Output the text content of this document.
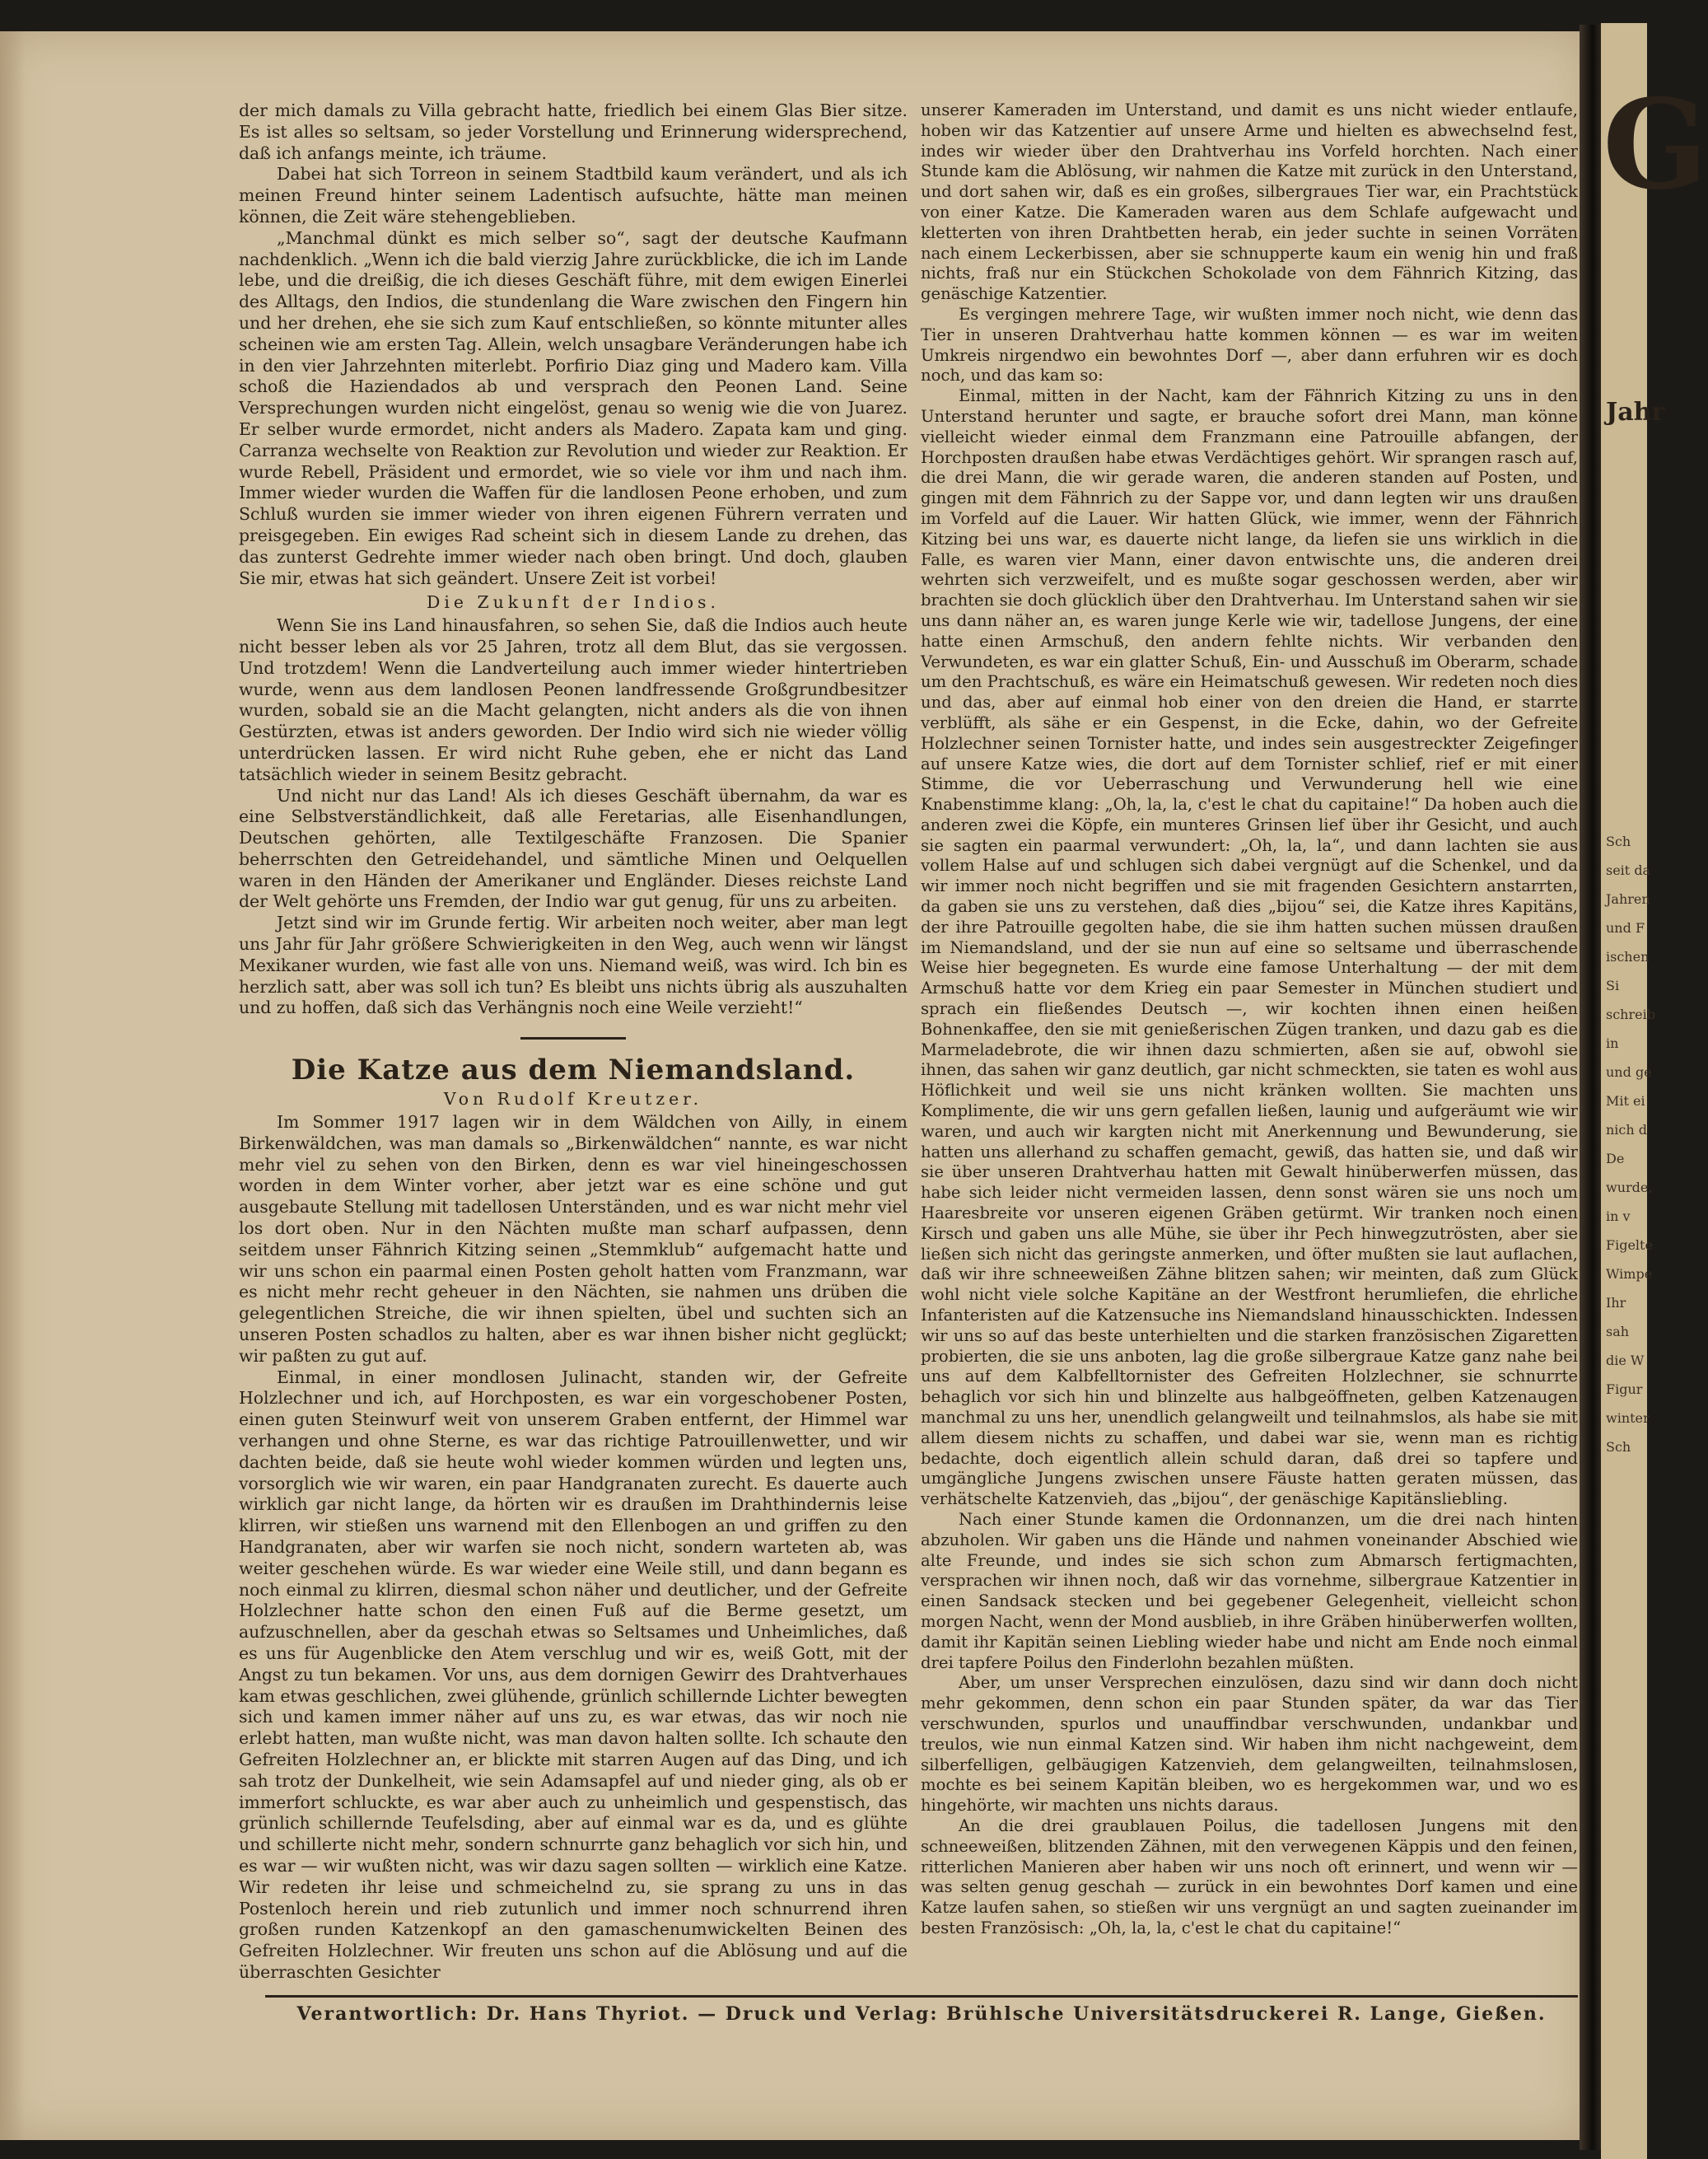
G
Jahr
Sch
seit da
Jahren
und F
ischen
Si
schreib
in
und ge
Mit ei
nich d
De
wurde,
in v
Figelte
Wimpe
Ihr
sah
die W
Figur
winter
Sch

der mich damals zu Villa gebracht hatte, friedlich bei einem Glas Bier sitze. Es ist alles so seltsam, so jeder Vorstellung und Erinnerung widersprechend, daß ich anfangs meinte, ich träume.

Dabei hat sich Torreon in seinem Stadtbild kaum verändert, und als ich meinen Freund hinter seinem Ladentisch aufsuchte, hätte man meinen können, die Zeit wäre stehengeblieben.

„Manchmal dünkt es mich selber so“, sagt der deutsche Kaufmann nachdenklich. „Wenn ich die bald vierzig Jahre zurückblicke, die ich im Lande lebe, und die dreißig, die ich dieses Geschäft führe, mit dem ewigen Einerlei des Alltags, den Indios, die stundenlang die Ware zwischen den Fingern hin und her drehen, ehe sie sich zum Kauf entschließen, so könnte mitunter alles scheinen wie am ersten Tag. Allein, welch unsagbare Veränderungen habe ich in den vier Jahrzehnten miterlebt. Porfirio Diaz ging und Madero kam. Villa schoß die Haziendados ab und versprach den Peonen Land. Seine Versprechungen wurden nicht eingelöst, genau so wenig wie die von Juarez. Er selber wurde ermordet, nicht anders als Madero. Zapata kam und ging. Carranza wechselte von Reaktion zur Revolution und wieder zur Reaktion. Er wurde Rebell, Präsident und ermordet, wie so viele vor ihm und nach ihm. Immer wieder wurden die Waffen für die landlosen Peone erhoben, und zum Schluß wurden sie immer wieder von ihren eigenen Führern verraten und preisgegeben. Ein ewiges Rad scheint sich in diesem Lande zu drehen, das das zunterst Gedrehte immer wieder nach oben bringt. Und doch, glauben Sie mir, etwas hat sich geändert. Unsere Zeit ist vorbei!

Die Zukunft der Indios.

Wenn Sie ins Land hinausfahren, so sehen Sie, daß die Indios auch heute nicht besser leben als vor 25 Jahren, trotz all dem Blut, das sie vergossen. Und trotzdem! Wenn die Landverteilung auch immer wieder hintertrieben wurde, wenn aus dem landlosen Peonen landfressende Großgrundbesitzer wurden, sobald sie an die Macht gelangten, nicht anders als die von ihnen Gestürzten, etwas ist anders geworden. Der Indio wird sich nie wieder völlig unterdrücken lassen. Er wird nicht Ruhe geben, ehe er nicht das Land tatsächlich wieder in seinem Besitz gebracht.

Und nicht nur das Land! Als ich dieses Geschäft übernahm, da war es eine Selbstverständlichkeit, daß alle Feretarias, alle Eisenhandlungen, Deutschen gehörten, alle Textilgeschäfte Franzosen. Die Spanier beherrschten den Getreidehandel, und sämtliche Minen und Oelquellen waren in den Händen der Amerikaner und Engländer. Dieses reichste Land der Welt gehörte uns Fremden, der Indio war gut genug, für uns zu arbeiten.

Jetzt sind wir im Grunde fertig. Wir arbeiten noch weiter, aber man legt uns Jahr für Jahr größere Schwierigkeiten in den Weg, auch wenn wir längst Mexikaner wurden, wie fast alle von uns. Niemand weiß, was wird. Ich bin es herzlich satt, aber was soll ich tun? Es bleibt uns nichts übrig als auszuhalten und zu hoffen, daß sich das Verhängnis noch eine Weile verzieht!“

Die Katze aus dem Niemandsland.
Von Rudolf Kreutzer.

Im Sommer 1917 lagen wir in dem Wäldchen von Ailly, in einem Birkenwäldchen, was man damals so „Birkenwäldchen“ nannte, es war nicht mehr viel zu sehen von den Birken, denn es war viel hineingeschossen worden in dem Winter vorher, aber jetzt war es eine schöne und gut ausgebaute Stellung mit tadellosen Unterständen, und es war nicht mehr viel los dort oben. Nur in den Nächten mußte man scharf aufpassen, denn seitdem unser Fähnrich Kitzing seinen „Stemmklub“ aufgemacht hatte und wir uns schon ein paarmal einen Posten geholt hatten vom Franzmann, war es nicht mehr recht geheuer in den Nächten, sie nahmen uns drüben die gelegentlichen Streiche, die wir ihnen spielten, übel und suchten sich an unseren Posten schadlos zu halten, aber es war ihnen bisher nicht geglückt; wir paßten zu gut auf.

Einmal, in einer mondlosen Julinacht, standen wir, der Gefreite Holzlechner und ich, auf Horchposten, es war ein vorgeschobener Posten, einen guten Steinwurf weit von unserem Graben entfernt, der Himmel war verhangen und ohne Sterne, es war das richtige Patrouillenwetter, und wir dachten beide, daß sie heute wohl wieder kommen würden und legten uns, vorsorglich wie wir waren, ein paar Handgranaten zurecht. Es dauerte auch wirklich gar nicht lange, da hörten wir es draußen im Drahthindernis leise klirren, wir stießen uns warnend mit den Ellenbogen an und griffen zu den Handgranaten, aber wir warfen sie noch nicht, sondern warteten ab, was weiter geschehen würde. Es war wieder eine Weile still, und dann begann es noch einmal zu klirren, diesmal schon näher und deutlicher, und der Gefreite Holzlechner hatte schon den einen Fuß auf die Berme gesetzt, um aufzuschnellen, aber da geschah etwas so Seltsames und Unheimliches, daß es uns für Augenblicke den Atem verschlug und wir es, weiß Gott, mit der Angst zu tun bekamen. Vor uns, aus dem dornigen Gewirr des Drahtverhaues kam etwas geschlichen, zwei glühende, grünlich schillernde Lichter bewegten sich und kamen immer näher auf uns zu, es war etwas, das wir noch nie erlebt hatten, man wußte nicht, was man davon halten sollte. Ich schaute den Gefreiten Holzlechner an, er blickte mit starren Augen auf das Ding, und ich sah trotz der Dunkelheit, wie sein Adamsapfel auf und nieder ging, als ob er immerfort schluckte, es war aber auch zu unheimlich und gespenstisch, das grünlich schillernde Teufelsding, aber auf einmal war es da, und es glühte und schillerte nicht mehr, sondern schnurrte ganz behaglich vor sich hin, und es war — wir wußten nicht, was wir dazu sagen sollten — wirklich eine Katze. Wir redeten ihr leise und schmeichelnd zu, sie sprang zu uns in das Postenloch herein und rieb zutunlich und immer noch schnurrend ihren großen runden Katzenkopf an den gamaschenumwickelten Beinen des Gefreiten Holzlechner. Wir freuten uns schon auf die Ablösung und auf die überraschten Gesichter

unserer Kameraden im Unterstand, und damit es uns nicht wieder entlaufe, hoben wir das Katzentier auf unsere Arme und hielten es abwechselnd fest, indes wir wieder über den Drahtverhau ins Vorfeld horchten. Nach einer Stunde kam die Ablösung, wir nahmen die Katze mit zurück in den Unterstand, und dort sahen wir, daß es ein großes, silbergraues Tier war, ein Prachtstück von einer Katze. Die Kameraden waren aus dem Schlafe aufgewacht und kletterten von ihren Drahtbetten herab, ein jeder suchte in seinen Vorräten nach einem Leckerbissen, aber sie schnupperte kaum ein wenig hin und fraß nichts, fraß nur ein Stückchen Schokolade von dem Fähnrich Kitzing, das genäschige Katzentier.

Es vergingen mehrere Tage, wir wußten immer noch nicht, wie denn das Tier in unseren Drahtverhau hatte kommen können — es war im weiten Umkreis nirgendwo ein bewohntes Dorf —, aber dann erfuhren wir es doch noch, und das kam so:

Einmal, mitten in der Nacht, kam der Fähnrich Kitzing zu uns in den Unterstand herunter und sagte, er brauche sofort drei Mann, man könne vielleicht wieder einmal dem Franzmann eine Patrouille abfangen, der Horchposten draußen habe etwas Verdächtiges gehört. Wir sprangen rasch auf, die drei Mann, die wir gerade waren, die anderen standen auf Posten, und gingen mit dem Fähnrich zu der Sappe vor, und dann legten wir uns draußen im Vorfeld auf die Lauer. Wir hatten Glück, wie immer, wenn der Fähnrich Kitzing bei uns war, es dauerte nicht lange, da liefen sie uns wirklich in die Falle, es waren vier Mann, einer davon entwischte uns, die anderen drei wehrten sich verzweifelt, und es mußte sogar geschossen werden, aber wir brachten sie doch glücklich über den Drahtverhau. Im Unterstand sahen wir sie uns dann näher an, es waren junge Kerle wie wir, tadellose Jungens, der eine hatte einen Armschuß, den andern fehlte nichts. Wir verbanden den Verwundeten, es war ein glatter Schuß, Ein- und Ausschuß im Oberarm, schade um den Prachtschuß, es wäre ein Heimatschuß gewesen. Wir redeten noch dies und das, aber auf einmal hob einer von den dreien die Hand, er starrte verblüfft, als sähe er ein Gespenst, in die Ecke, dahin, wo der Gefreite Holzlechner seinen Tornister hatte, und indes sein ausgestreckter Zeigefinger auf unsere Katze wies, die dort auf dem Tornister schlief, rief er mit einer Stimme, die vor Ueberraschung und Verwunderung hell wie eine Knabenstimme klang: „Oh, la, la, c'est le chat du capitaine!“ Da hoben auch die anderen zwei die Köpfe, ein munteres Grinsen lief über ihr Gesicht, und auch sie sagten ein paarmal verwundert: „Oh, la, la“, und dann lachten sie aus vollem Halse auf und schlugen sich dabei vergnügt auf die Schenkel, und da wir immer noch nicht begriffen und sie mit fragenden Gesichtern anstarrten, da gaben sie uns zu verstehen, daß dies „bijou“ sei, die Katze ihres Kapitäns, der ihre Patrouille gegolten habe, die sie ihm hatten suchen müssen draußen im Niemandsland, und der sie nun auf eine so seltsame und überraschende Weise hier begegneten. Es wurde eine famose Unterhaltung — der mit dem Armschuß hatte vor dem Krieg ein paar Semester in München studiert und sprach ein fließendes Deutsch —, wir kochten ihnen einen heißen Bohnenkaffee, den sie mit genießerischen Zügen tranken, und dazu gab es die Marmeladebrote, die wir ihnen dazu schmierten, aßen sie auf, obwohl sie ihnen, das sahen wir ganz deutlich, gar nicht schmeckten, sie taten es wohl aus Höflichkeit und weil sie uns nicht kränken wollten. Sie machten uns Komplimente, die wir uns gern gefallen ließen, launig und aufgeräumt wie wir waren, und auch wir kargten nicht mit Anerkennung und Bewunderung, sie hatten uns allerhand zu schaffen gemacht, gewiß, das hatten sie, und daß wir sie über unseren Drahtverhau hatten mit Gewalt hinüberwerfen müssen, das habe sich leider nicht vermeiden lassen, denn sonst wären sie uns noch um Haaresbreite vor unseren eigenen Gräben getürmt. Wir tranken noch einen Kirsch und gaben uns alle Mühe, sie über ihr Pech hinwegzutrösten, aber sie ließen sich nicht das geringste anmerken, und öfter mußten sie laut auflachen, daß wir ihre schneeweißen Zähne blitzen sahen; wir meinten, daß zum Glück wohl nicht viele solche Kapitäne an der Westfront herumliefen, die ehrliche Infanteristen auf die Katzensuche ins Niemandsland hinausschickten. Indessen wir uns so auf das beste unterhielten und die starken französischen Zigaretten probierten, die sie uns anboten, lag die große silbergraue Katze ganz nahe bei uns auf dem Kalbfelltornister des Gefreiten Holzlechner, sie schnurrte behaglich vor sich hin und blinzelte aus halbgeöffneten, gelben Katzenaugen manchmal zu uns her, unendlich gelangweilt und teilnahmslos, als habe sie mit allem diesem nichts zu schaffen, und dabei war sie, wenn man es richtig bedachte, doch eigentlich allein schuld daran, daß drei so tapfere und umgängliche Jungens zwischen unsere Fäuste hatten geraten müssen, das verhätschelte Katzenvieh, das „bijou“, der genäschige Kapitänsliebling.

Nach einer Stunde kamen die Ordonnanzen, um die drei nach hinten abzuholen. Wir gaben uns die Hände und nahmen voneinander Abschied wie alte Freunde, und indes sie sich schon zum Abmarsch fertigmachten, versprachen wir ihnen noch, daß wir das vornehme, silbergraue Katzentier in einen Sandsack stecken und bei gegebener Gelegenheit, vielleicht schon morgen Nacht, wenn der Mond ausblieb, in ihre Gräben hinüberwerfen wollten, damit ihr Kapitän seinen Liebling wieder habe und nicht am Ende noch einmal drei tapfere Poilus den Finderlohn bezahlen müßten.

Aber, um unser Versprechen einzulösen, dazu sind wir dann doch nicht mehr gekommen, denn schon ein paar Stunden später, da war das Tier verschwunden, spurlos und unauffindbar verschwunden, undankbar und treulos, wie nun einmal Katzen sind. Wir haben ihm nicht nachgeweint, dem silberfelligen, gelbäugigen Katzenvieh, dem gelangweilten, teilnahmslosen, mochte es bei seinem Kapitän bleiben, wo es hergekommen war, und wo es hingehörte, wir machten uns nichts daraus.

An die drei graublauen Poilus, die tadellosen Jungens mit den schneeweißen, blitzenden Zähnen, mit den verwegenen Käppis und den feinen, ritterlichen Manieren aber haben wir uns noch oft erinnert, und wenn wir — was selten genug geschah — zurück in ein bewohntes Dorf kamen und eine Katze laufen sahen, so stießen wir uns vergnügt an und sagten zueinander im besten Französisch: „Oh, la, la, c'est le chat du capitaine!“

Verantwortlich: Dr. Hans Thyriot. — Druck und Verlag: Brühlsche Universitätsdruckerei R. Lange, Gießen.
